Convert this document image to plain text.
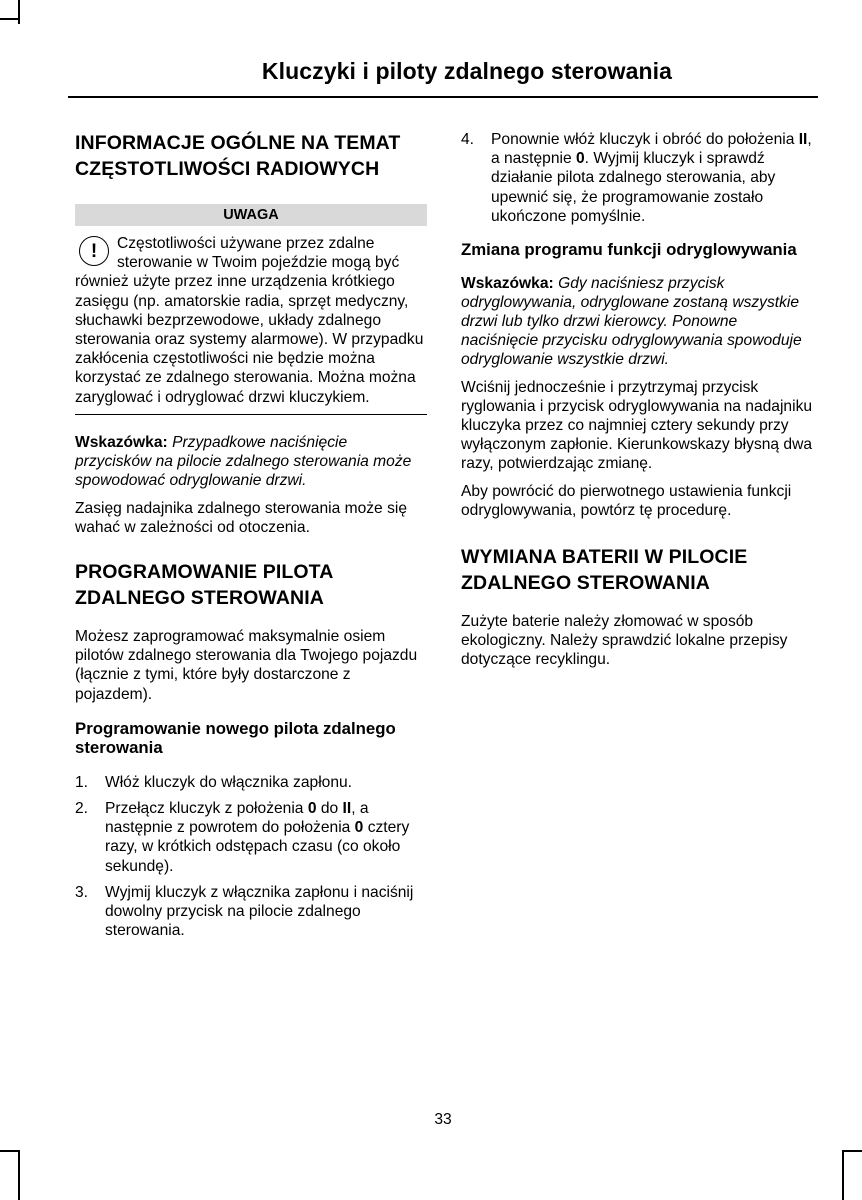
Kluczyki i piloty zdalnego sterowania
INFORMACJE OGÓLNE NA TEMAT CZĘSTOTLIWOŚCI RADIOWYCH
UWAGA
!	Częstotliwości używane przez zdalne sterowanie w Twoim pojeździe mogą być również użyte przez inne urządzenia krótkiego zasięgu (np. amatorskie radia, sprzęt medyczny, słuchawki bezprzewodowe, układy zdalnego sterowania oraz systemy alarmowe). W przypadku zakłócenia częstotliwości nie będzie można korzystać ze zdalnego sterowania. Można można zaryglować i odryglować drzwi kluczykiem.

Wskazówka: Przypadkowe naciśnięcie przycisków na pilocie zdalnego sterowania może spowodować odryglowanie drzwi.

Zasięg nadajnika zdalnego sterowania może się wahać w zależności od otoczenia.

PROGRAMOWANIE PILOTA ZDALNEGO STEROWANIA

Możesz zaprogramować maksymalnie osiem pilotów zdalnego sterowania dla Twojego pojazdu (łącznie z tymi, które były dostarczone z pojazdem).

Programowanie nowego pilota zdalnego sterowania
1. Włóż kluczyk do włącznika zapłonu.
2. Przełącz kluczyk z położenia 0 do II, a następnie z powrotem do położenia 0 cztery razy, w krótkich odstępach czasu (co około sekundę).
3. Wyjmij kluczyk z włącznika zapłonu i naciśnij dowolny przycisk na pilocie zdalnego sterowania.
4. Ponownie włóż kluczyk i obróć do położenia II, a następnie 0. Wyjmij kluczyk i sprawdź działanie pilota zdalnego sterowania, aby upewnić się, że programowanie zostało ukończone pomyślnie.
Zmiana programu funkcji odryglowywania

Wskazówka: Gdy naciśniesz przycisk odryglowywania, odryglowane zostaną wszystkie drzwi lub tylko drzwi kierowcy. Ponowne naciśnięcie przycisku odryglowywania spowoduje odryglowanie wszystkie drzwi.

Wciśnij jednocześnie i przytrzymaj przycisk ryglowania i przycisk odryglowywania na nadajniku kluczyka przez co najmniej cztery sekundy przy wyłączonym zapłonie. Kierunkowskazy błysną dwa razy, potwierdzając zmianę.

Aby powrócić do pierwotnego ustawienia funkcji odryglowywania, powtórz tę procedurę.

WYMIANA BATERII W PILOCIE ZDALNEGO STEROWANIA

Zużyte baterie należy złomować w sposób ekologiczny. Należy sprawdzić lokalne przepisy dotyczące recyklingu.

33
